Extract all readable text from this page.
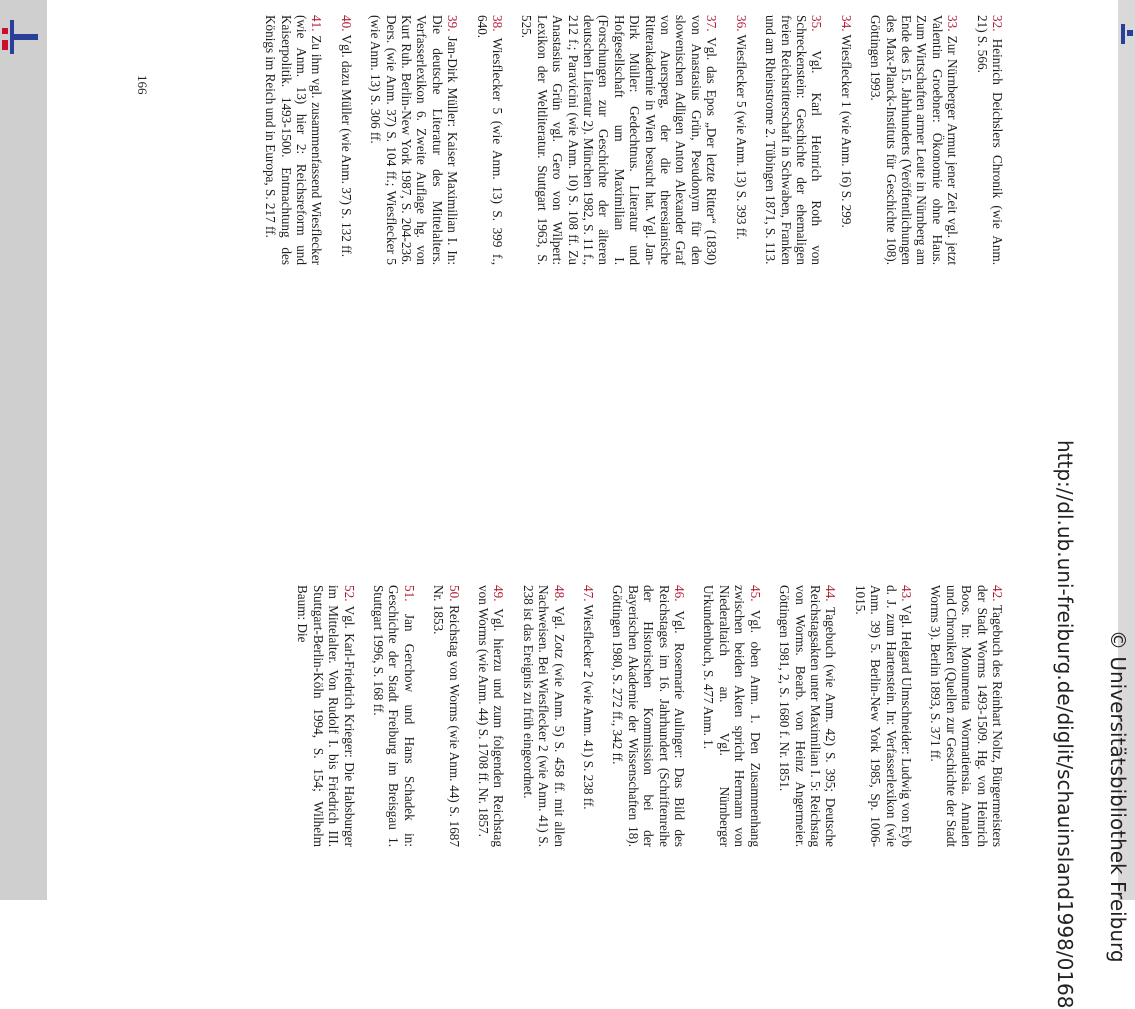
http://dl.ub.uni-freiburg.de/diglit/schauinsland1998/0168 © Universitätsbibliothek Freiburg
166

32. Heinrich Deichslers Chronik (wie Anm. 21) S. 566.

33. Zur Nürnberger Armut jener Zeit vgl. jetzt Valentin Groebner: Ökonomie ohne Haus. Zum Wirtschaften armer Leute in Nürnberg am Ende des 15. Jahrhunderts (Veröffentlichungen des Max-Planck-Instituts für Geschichte 108). Göttingen 1993.

34. Wiesflecker 1 (wie Anm. 16) S. 299.

35. Vgl. Karl Heinrich Roth von Schreckenstein: Geschichte der ehemaligen freien Reichsritterschaft in Schwaben, Franken und am Rheinstrome 2. Tübingen 1871, S. 113.

36. Wiesflecker 5 (wie Anm. 13) S. 393 ff.

37. Vgl. das Epos „Der letzte Ritter“ (1830) von Anastasius Grün, Pseudonym für den slowenischen Adligen Anton Alexander Graf von Auersperg, der die theresianische Ritterakademie in Wien besucht hat. Vgl. Jan-Dirk Müller: Gedechtnus. Literatur und Hofgesellschaft um Maximilian I. (Forschungen zur Geschichte der älteren deutschen Literatur 2). München 1982, S. 11 f., 212 f.; Paravicini (wie Anm. 10) S. 108 ff. Zu Anastasius Grün vgl. Gero von Wilpert: Lexikon der Weltliteratur. Stuttgart 1963, S. 525.

38. Wiesflecker 5 (wie Anm. 13) S. 399 f., 640.

39. Jan-Dirk Müller: Kaiser Maximilian I. In: Die deutsche Literatur des Mittelalters. Verfasserlexikon 6. Zweite Auflage hg. von Kurt Ruh. Berlin-New York 1987, S. 204-236. Ders. (wie Anm. 37) S. 104 ff.; Wiesflecker 5 (wie Anm. 13) S. 306 ff.

40. Vgl. dazu Müller (wie Anm. 37) S. 132 ff.

41. Zu ihm vgl. zusammenfassend Wiesflecker (wie Anm. 13) hier 2: Reichsreform und Kaiserpolitik. 1493-1500. Entmachtung des Königs im Reich und in Europa, S. 217 ff.

42. Tagebuch des Reinhart Noltz, Bürgermeisters der Stadt Worms 1493-1509. Hg. von Heinrich Boos. In: Monumenta Wormatiensia. Annalen und Chroniken (Quellen zur Geschichte der Stadt Worms 3). Berlin 1893, S. 371 ff.

43. Vgl. Helgard Ulmschneider: Ludwig von Eyb d. J. zum Hartenstein. In: Verfasserlexikon (wie Anm. 39) 5. Berlin-New York 1985, Sp. 1006-1015.

44. Tagebuch (wie Anm. 42) S. 395; Deutsche Reichstagsakten unter Maximilian I. 5: Reichstag von Worms. Bearb. von Heinz Angermeier. Göttingen 1981, 2, S. 1680 f. Nr. 1851.

45. Vgl. oben Anm. 1. Den Zusammenhang zwischen beiden Akten spricht Hermann von Niederaltaich an. Vgl. Nürnberger Urkundenbuch, S. 477 Anm. 1.

46. Vgl. Rosemarie Aulinger: Das Bild des Reichstages im 16. Jahrhundert (Schriftenreihe der Historischen Kommission bei der Bayerischen Akademie der Wissenschaften 18). Göttingen 1980, S. 272 ff., 342 ff.

47. Wiesflecker 2 (wie Anm. 41) S. 238 ff.

48. Vgl. Zotz (wie Anm. 5) S. 458 ff. mit allen Nachweisen. Bei Wiesflecker 2 (wie Anm. 41) S. 238 ist das Ereignis zu früh eingeordnet.

49. Vgl. hierzu und zum folgenden Reichstag von Worms (wie Anm. 44) S. 1708 ff. Nr. 1857.

50. Reichstag von Worms (wie Anm. 44) S. 1687 Nr. 1853.

51. Jan Gerchow und Hans Schadek in: Geschichte der Stadt Freiburg im Breisgau 1. Stuttgart 1996, S. 168 ff.

52. Vgl. Karl-Friedrich Krieger: Die Habsburger im Mittelalter. Von Rudolf I. bis Friedrich III. Stuttgart-Berlin-Köln 1994, S. 154; Wilhelm Baum: Die
